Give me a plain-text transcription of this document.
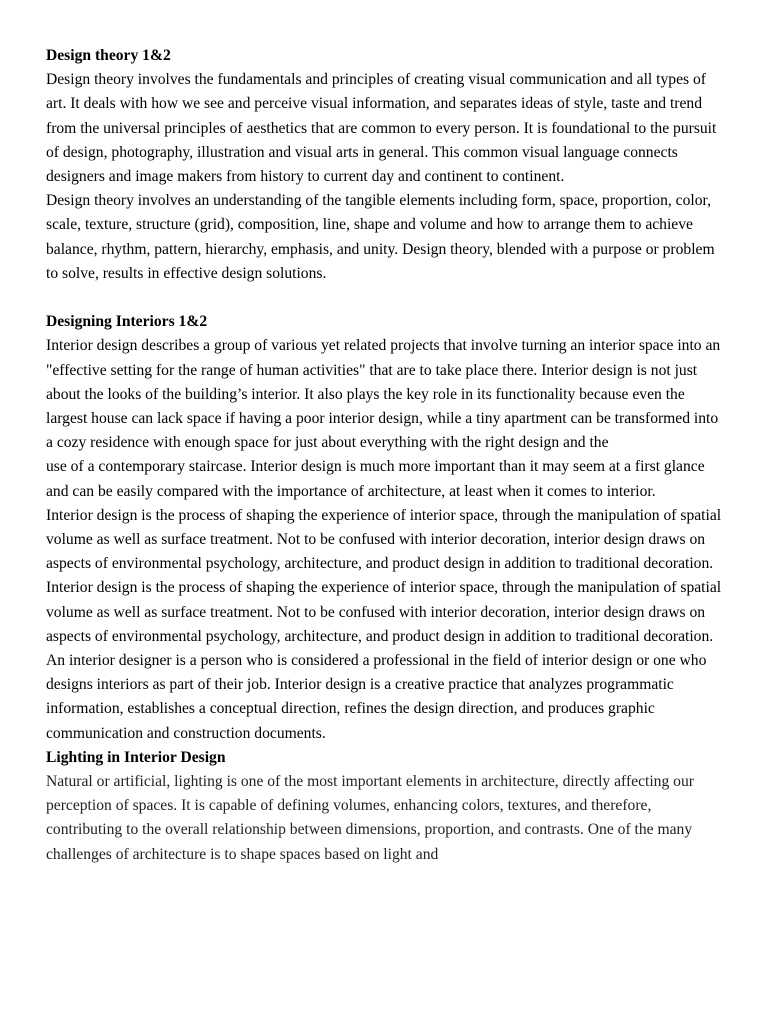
Design theory 1&2

Design theory involves the fundamentals and principles of creating visual communication and all types of art. It deals with how we see and perceive visual information, and separates ideas of style, taste and trend from the universal principles of aesthetics that are common to every person. It is foundational to the pursuit of design, photography, illustration and visual arts in general. This common visual language connects designers and image makers from history to current day and continent to continent.

Design theory involves an understanding of the tangible elements including form, space, proportion, color, scale, texture, structure (grid), composition, line, shape and volume and how to arrange them to achieve balance, rhythm, pattern, hierarchy, emphasis, and unity. Design theory, blended with a purpose or problem to solve, results in effective design solutions.

Designing Interiors 1&2

Interior design describes a group of various yet related projects that involve turning an interior space into an "effective setting for the range of human activities" that are to take place there. Interior design is not just about the looks of the building’s interior. It also plays the key role in its functionality because even the largest house can lack space if having a poor interior design, while a tiny apartment can be transformed into a cozy residence with enough space for just about everything with the right design and the

use of a contemporary staircase. Interior design is much more important than it may seem at a first glance and can be easily compared with the importance of architecture, at least when it comes to interior.

Interior design is the process of shaping the experience of interior space, through the manipulation of spatial volume as well as surface treatment. Not to be confused with interior decoration, interior design draws on aspects of environmental psychology, architecture, and product design in addition to traditional decoration.

Interior design is the process of shaping the experience of interior space, through the manipulation of spatial volume as well as surface treatment. Not to be confused with interior decoration, interior design draws on aspects of environmental psychology, architecture, and product design in addition to traditional decoration. An interior designer is a person who is considered a professional in the field of interior design or one who designs interiors as part of their job. Interior design is a creative practice that analyzes programmatic information, establishes a conceptual direction, refines the design direction, and produces graphic communication and construction documents.

Lighting in Interior Design

Natural or artificial, lighting is one of the most important elements in architecture, directly affecting our perception of spaces. It is capable of defining volumes, enhancing colors, textures, and therefore, contributing to the overall relationship between dimensions, proportion, and contrasts. One of the many challenges of architecture is to shape spaces based on light and
